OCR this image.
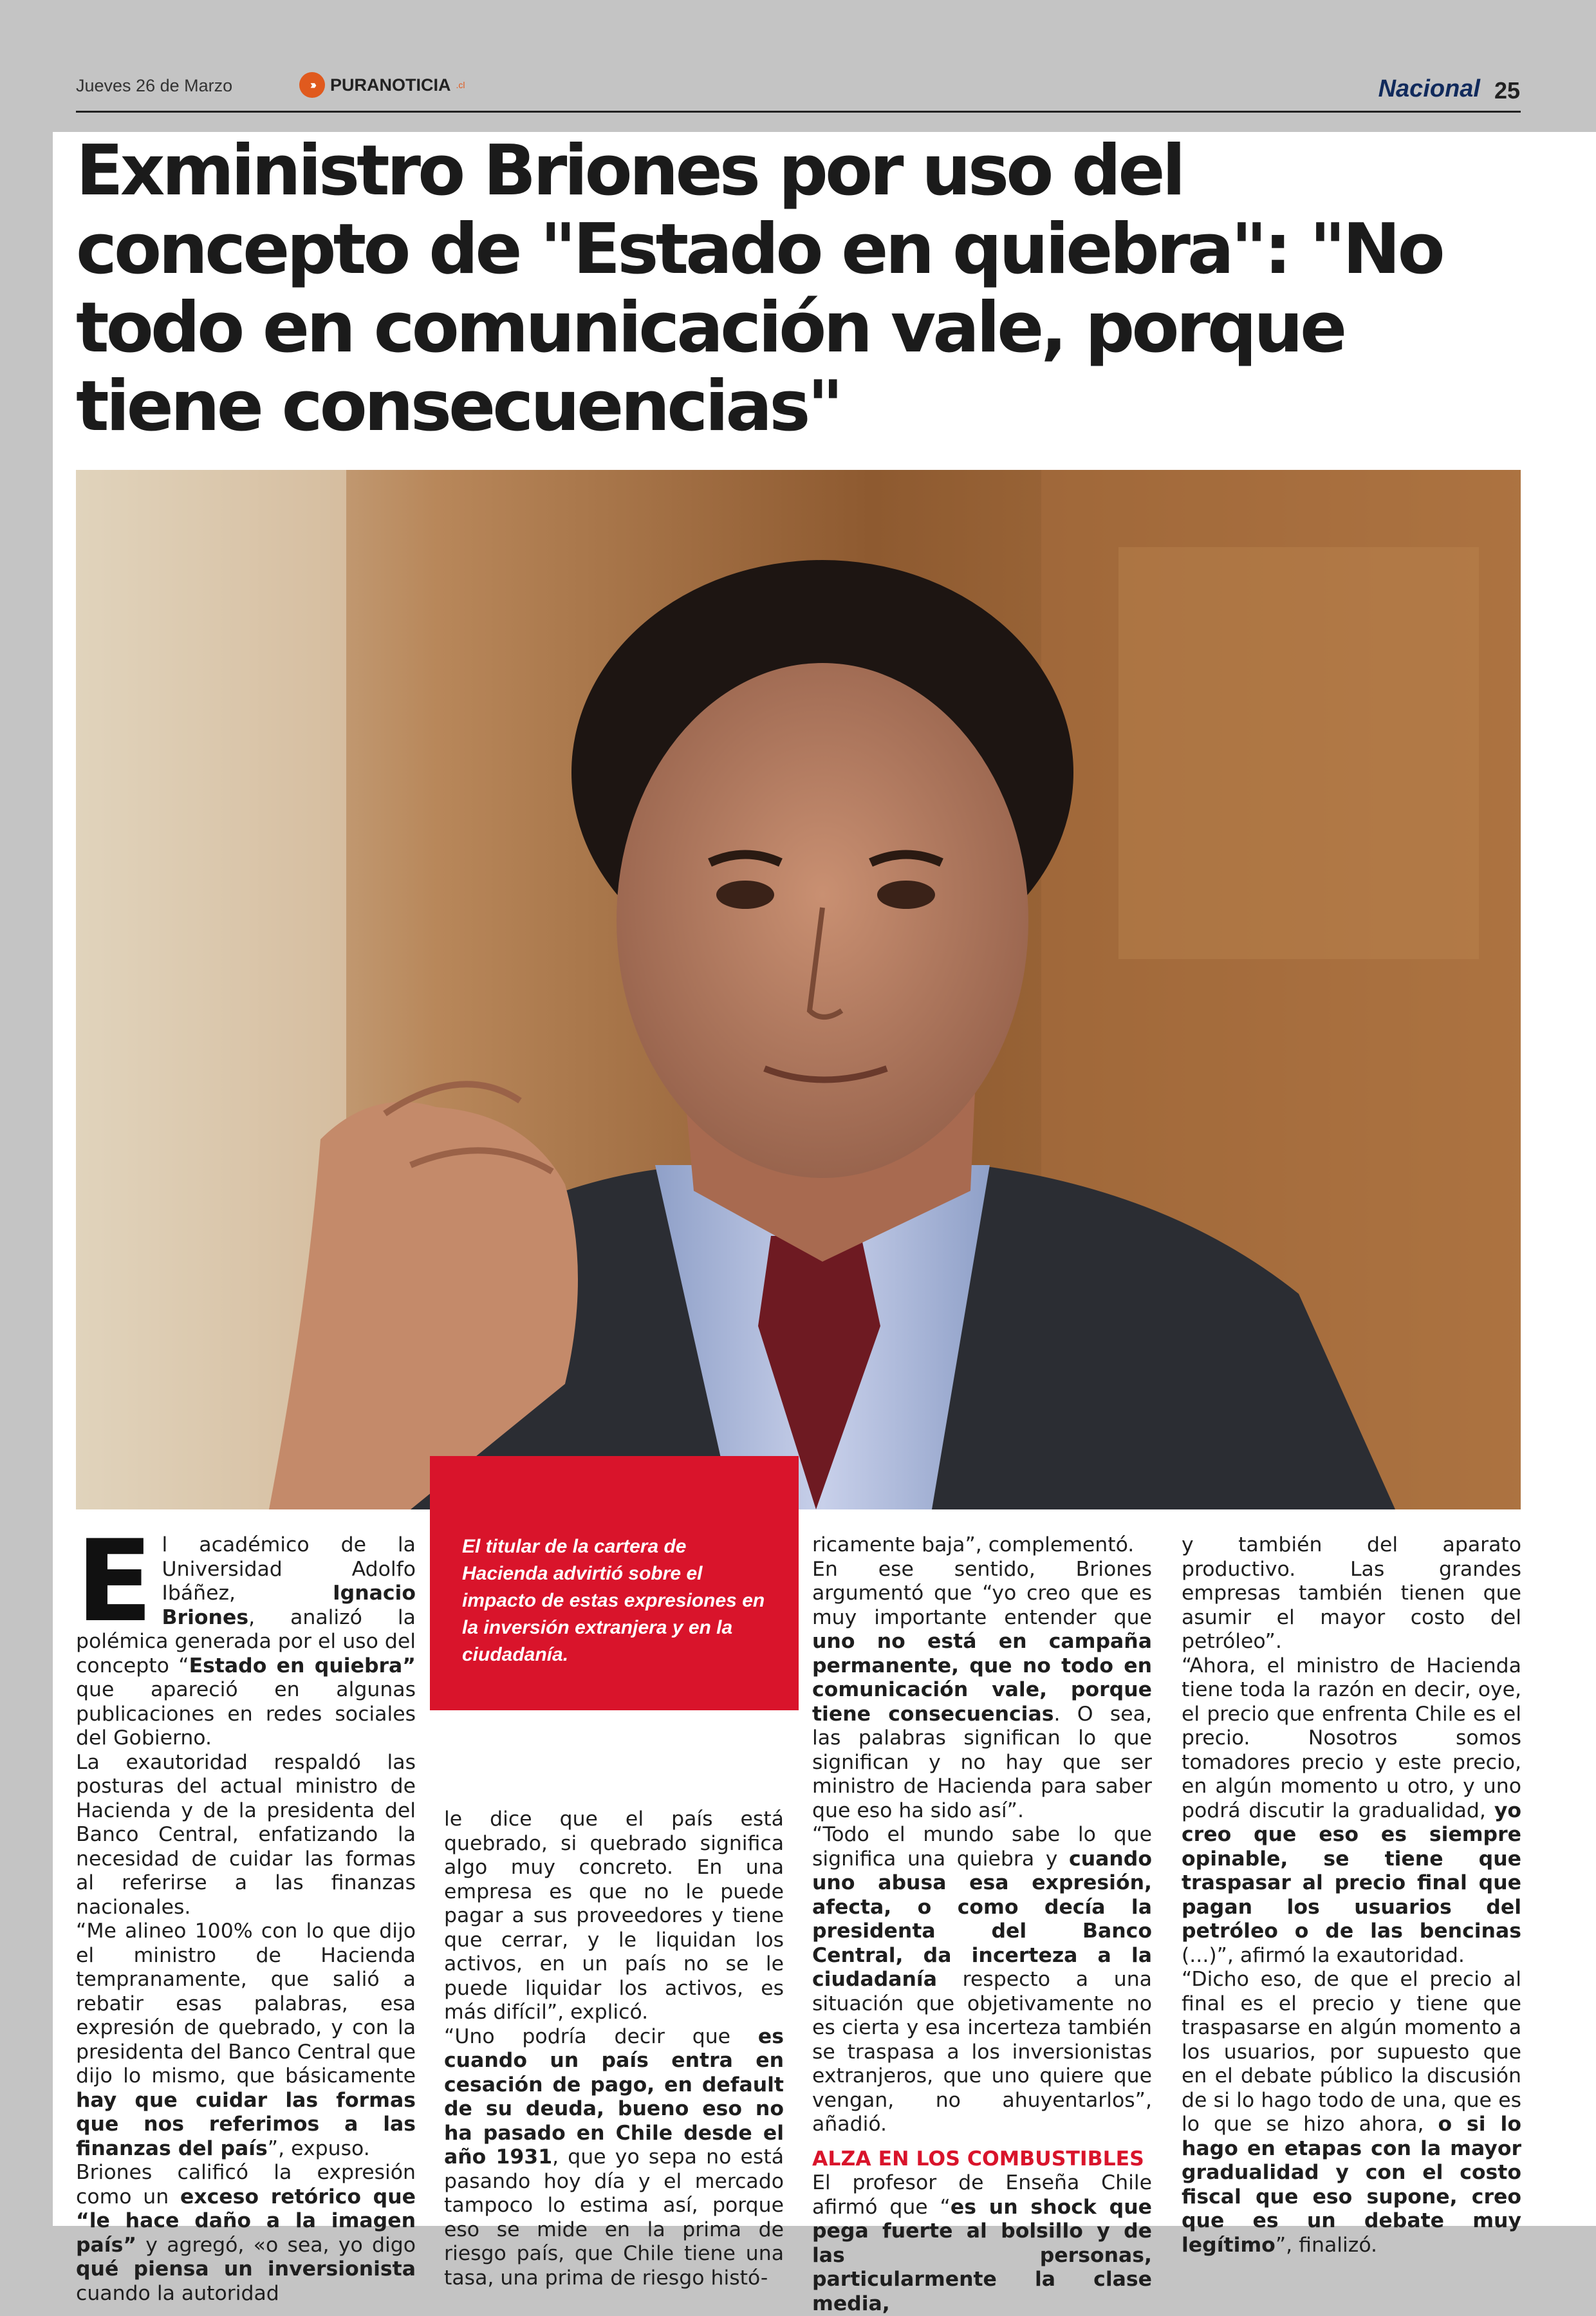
Jueves 26 de Marzo	››› PURANOTICIA .cl	Nacional 25
Exministro Briones por uso del concepto de "Estado en quiebra": "No todo en comunicación vale, porque tiene consecuencias"
El titular de la cartera de Hacienda advirtió sobre el impacto de estas expresiones en la inversión extranjera y en la ciudadanía.
E l académico de la Universidad Adolfo Ibáñez, Ignacio Briones, analizó la polémica generada por el uso del concepto “Estado en quiebra” que apareció en algunas publicaciones en redes sociales del Gobierno.

La exautoridad respaldó las posturas del actual ministro de Hacienda y de la presidenta del Banco Central, enfatizando la necesidad de cuidar las formas al referirse a las finanzas nacionales.

“Me alineo 100% con lo que dijo el ministro de Hacienda tempranamente, que salió a rebatir esas palabras, esa expresión de quebrado, y con la presidenta del Banco Central que dijo lo mismo, que básicamente hay que cuidar las formas que nos referimos a las finanzas del país”, expuso.

Briones calificó la expresión como un exceso retórico que “le hace daño a la imagen país” y agregó, «o sea, yo digo qué piensa un inversionista cuando la autoridad

le dice que el país está quebrado, si quebrado significa algo muy concreto. En una empresa es que no le puede pagar a sus proveedores y tiene que cerrar, y le liquidan los activos, en un país no se le puede liquidar los activos, es más difícil”, explicó.

“Uno podría decir que es cuando un país entra en cesación de pago, en default de su deuda, bueno eso no ha pasado en Chile desde el año 1931, que yo sepa no está pasando hoy día y el mercado tampoco lo estima así, porque eso se mide en la prima de riesgo país, que Chile tiene una tasa, una prima de riesgo histó-

ricamente baja”, complementó.

En ese sentido, Briones argumentó que “yo creo que es muy importante entender que uno no está en campaña permanente, que no todo en comunicación vale, porque tiene consecuencias. O sea, las palabras significan lo que significan y no hay que ser ministro de Hacienda para saber que eso ha sido así”.

“Todo el mundo sabe lo que significa una quiebra y cuando uno abusa esa expresión, afecta, o como decía la presidenta del Banco Central, da incerteza a la ciudadanía respecto a una situación que objetivamente no es cierta y esa incerteza también se traspasa a los inversionistas extranjeros, que uno quiere que vengan, no ahuyentarlos”, añadió.

ALZA EN LOS COMBUSTIBLES

El profesor de Enseña Chile afirmó que “es un shock que pega fuerte al bolsillo y de las personas, particularmente la clase media,

y también del aparato productivo. Las grandes empresas también tienen que asumir el mayor costo del petróleo”.

“Ahora, el ministro de Hacienda tiene toda la razón en decir, oye, el precio que enfrenta Chile es el precio. Nosotros somos tomadores precio y este precio, en algún momento u otro, y uno podrá discutir la gradualidad, yo creo que eso es siempre opinable, se tiene que traspasar al precio final que pagan los usuarios del petróleo o de las bencinas (...)”, afirmó la exautoridad.

“Dicho eso, de que el precio al final es el precio y tiene que traspasarse en algún momento a los usuarios, por supuesto que en el debate público la discusión de si lo hago todo de una, que es lo que se hizo ahora, o si lo hago en etapas con la mayor gradualidad y con el costo fiscal que eso supone, creo que es un debate muy legítimo”, finalizó.
